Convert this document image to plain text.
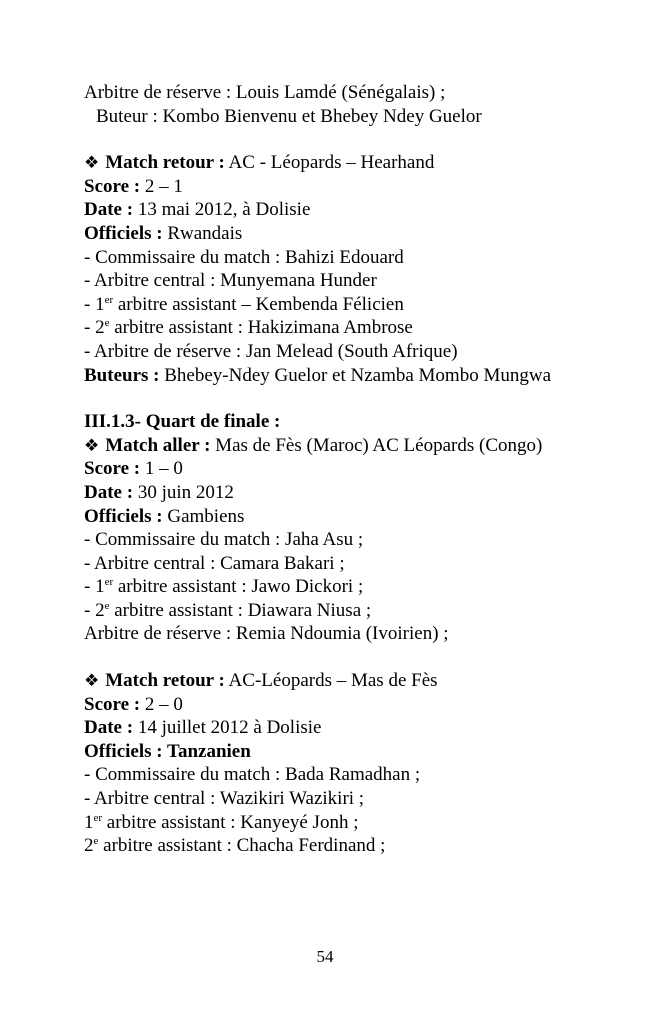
Arbitre de réserve : Louis Lamdé (Sénégalais) ;
Buteur : Kombo Bienvenu et Bhebey Ndey Guelor
❖ Match retour : AC - Léopards – Hearhand
Score : 2 – 1
Date : 13 mai 2012, à Dolisie
Officiels : Rwandais
- Commissaire du match : Bahizi Edouard
- Arbitre central : Munyemana Hunder
- 1er arbitre assistant – Kembenda Félicien
- 2e arbitre assistant : Hakizimana Ambrose
- Arbitre de réserve : Jan Melead (South Afrique)
Buteurs : Bhebey-Ndey Guelor et Nzamba Mombo Mungwa
III.1.3- Quart de finale :
❖ Match aller : Mas de Fès (Maroc) AC Léopards (Congo)
Score : 1 – 0
Date : 30 juin 2012
Officiels : Gambiens
- Commissaire du match : Jaha Asu ;
- Arbitre central : Camara Bakari ;
- 1er arbitre assistant : Jawo Dickori ;
- 2e arbitre assistant : Diawara Niusa ;
Arbitre de réserve : Remia Ndoumia (Ivoirien) ;
❖ Match retour : AC-Léopards – Mas de Fès
Score : 2 – 0
Date : 14 juillet 2012 à Dolisie
Officiels : Tanzanien
- Commissaire du match : Bada Ramadhan ;
- Arbitre central : Wazikiri Wazikiri ;
1er arbitre assistant : Kanyeyé Jonh ;
2e arbitre assistant : Chacha Ferdinand ;
54
